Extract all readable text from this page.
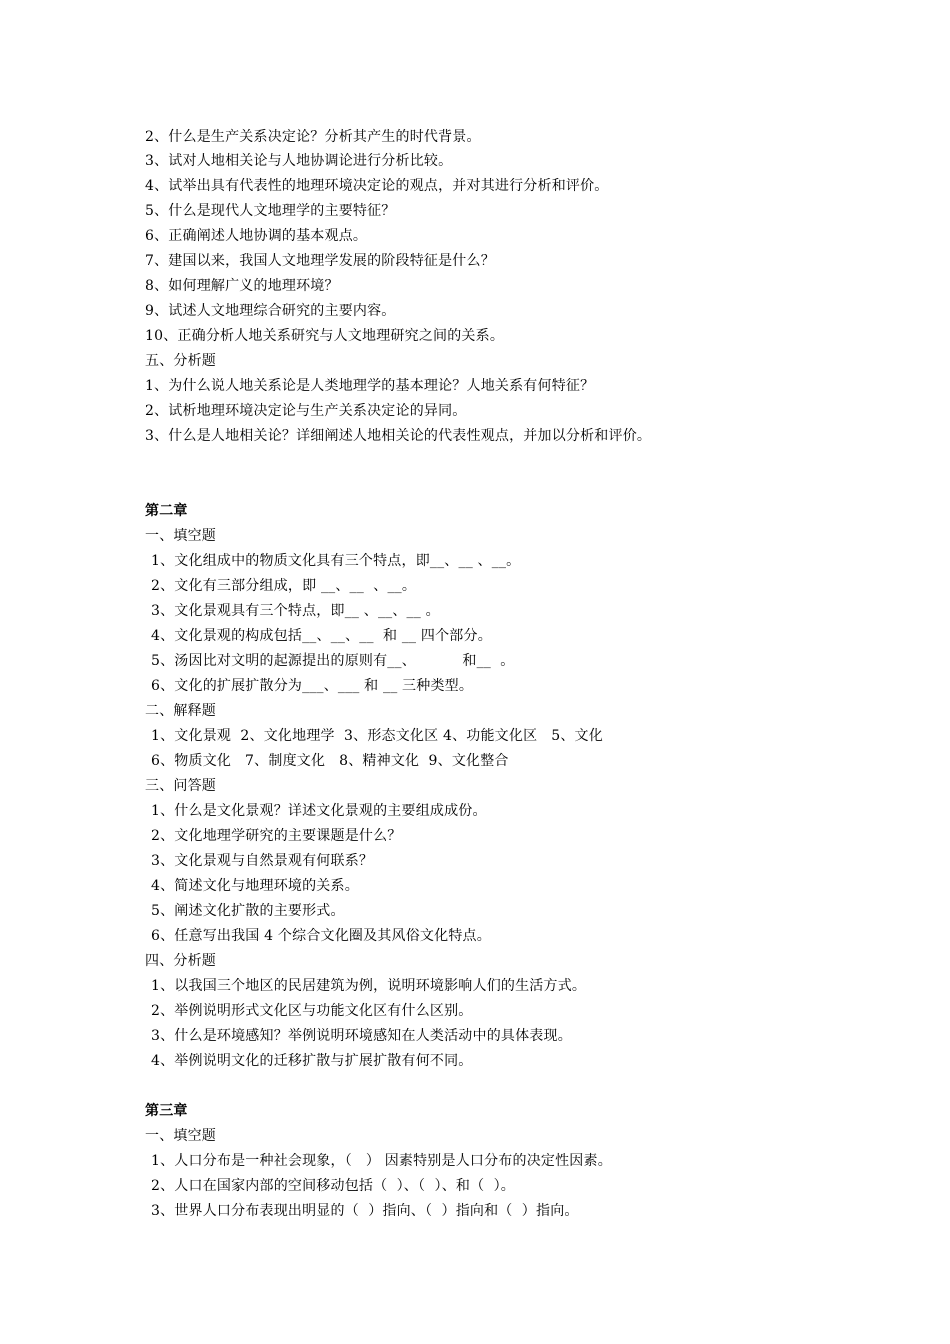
2、什么是生产关系决定论？分析其产生的时代背景。
3、试对人地相关论与人地协调论进行分析比较。
4、试举出具有代表性的地理环境决定论的观点，并对其进行分析和评价。
5、什么是现代人文地理学的主要特征？
6、正确阐述人地协调的基本观点。
7、建国以来，我国人文地理学发展的阶段特征是什么？
8、如何理解广义的地理环境？
9、试述人文地理综合研究的主要内容。
10、正确分析人地关系研究与人文地理研究之间的关系。
五、分析题
1、为什么说人地关系论是人类地理学的基本理论？人地关系有何特征？
2、试析地理环境决定论与生产关系决定论的异同。
3、什么是人地相关论？详细阐述人地相关论的代表性观点，并加以分析和评价。
第二章
一、填空题
1、文化组成中的物质文化具有三个特点，即__、__ 、__。
2、文化有三部分组成，即 __、__  、__。
3、文化景观具有三个特点，即__ 、__、__ 。
4、文化景观的构成包括__、__、__  和 __ 四个部分。
5、汤因比对文明的起源提出的原则有__、          和__  。
6、文化的扩展扩散分为___、___ 和 __ 三种类型。
二、解释题
1、文化景观  2、文化地理学  3、形态文化区 4、功能文化区   5、文化
6、物质文化   7、制度文化   8、精神文化  9、文化整合
三、问答题
1、什么是文化景观？详述文化景观的主要组成成份。
2、文化地理学研究的主要课题是什么？
3、文化景观与自然景观有何联系？
4、简述文化与地理环境的关系。
5、阐述文化扩散的主要形式。
6、任意写出我国 4 个综合文化圈及其风俗文化特点。
四、分析题
1、以我国三个地区的民居建筑为例，说明环境影响人们的生活方式。
2、举例说明形式文化区与功能文化区有什么区别。
3、什么是环境感知？举例说明环境感知在人类活动中的具体表现。
4、举例说明文化的迁移扩散与扩展扩散有何不同。
第三章
一、填空题
1、人口分布是一种社会现象，（   ） 因素特别是人口分布的决定性因素。
2、人口在国家内部的空间移动包括（  ）、（  ）、和（  ）。
3、世界人口分布表现出明显的（  ）指向、（  ）指向和（  ）指向。
